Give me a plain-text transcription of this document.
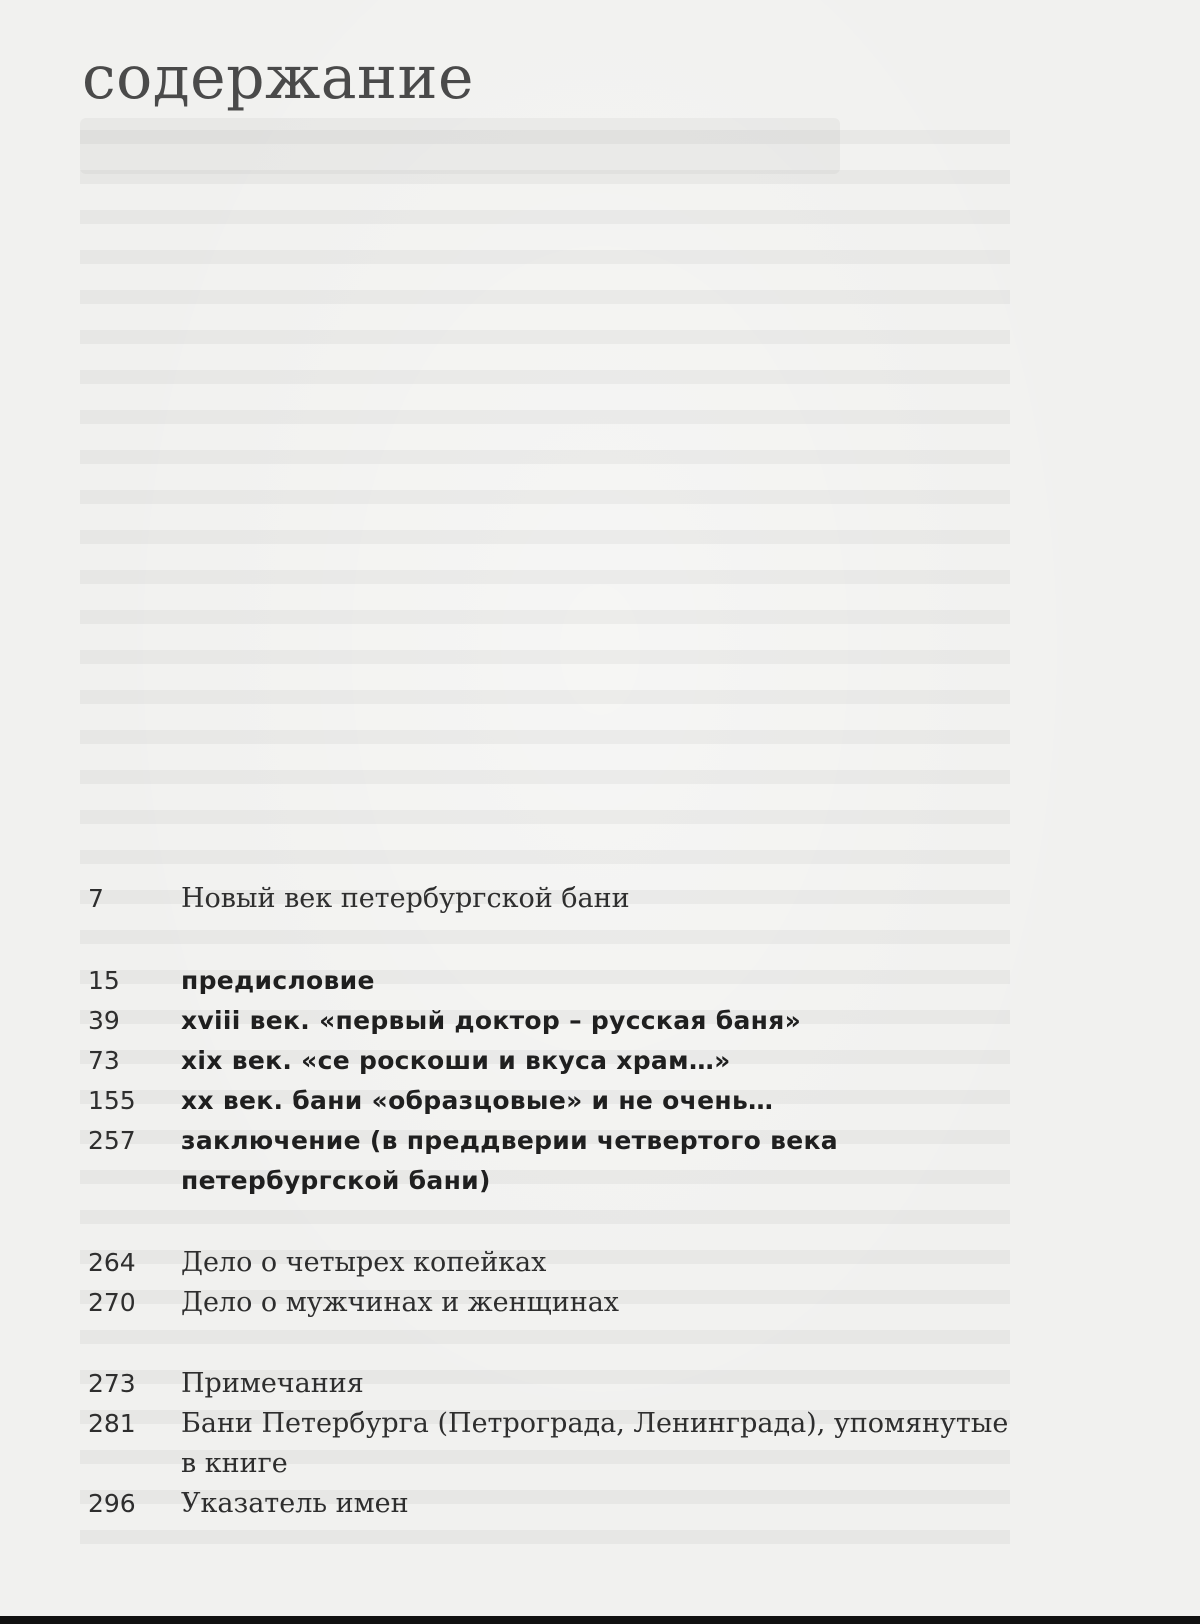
содержание
7	Новый век петербургской бани
15 предисловие
39 xviii век. «первый доктор – русская баня»
73 xix век. «се роскоши и вкуса храм…»
155 xx век. бани «образцовые» и не очень…
257 заключение (в преддверии четвертого века
петербургской бани)
264 Дело о четырех копейках
270 Дело о мужчинах и женщинах
273 Примечания
281 Бани Петербурга (Петрограда, Ленинграда), упомянутые
в книге
296 Указатель имен
